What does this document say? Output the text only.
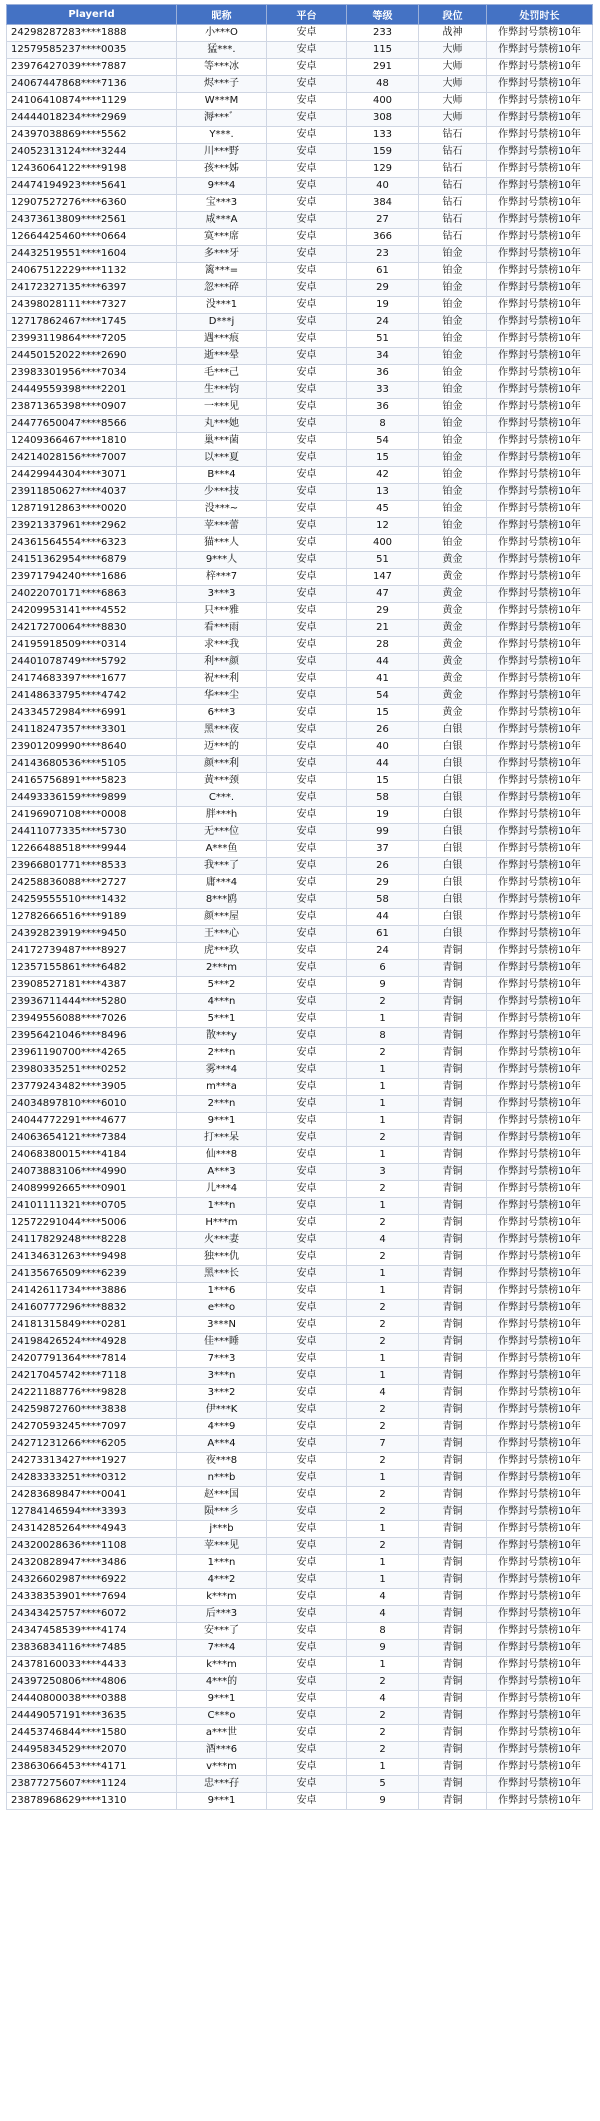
PlayerId	昵称	平台	等级	段位	处罚时长
24298287283****1888	小***O	安卓	233	战神	作弊封号禁榜10年
12579585237****0035	猛***.	安卓	115	大师	作弊封号禁榜10年
23976427039****7887	等***冰	安卓	291	大师	作弊封号禁榜10年
24067447868****7136	烬***子	安卓	48	大师	作弊封号禁榜10年
24106410874****1129	W***M	安卓	400	大师	作弊封号禁榜10年
24444018234****2969	溽***゛	安卓	308	大师	作弊封号禁榜10年
24397038869****5562	Y***.	安卓	133	钻石	作弊封号禁榜10年
24052313124****3244	川***野	安卓	159	钻石	作弊封号禁榜10年
12436064122****9198	孩***姊	安卓	129	钻石	作弊封号禁榜10年
24474194923****5641	9***4	安卓	40	钻石	作弊封号禁榜10年
12907527276****6360	宝***3	安卓	384	钻石	作弊封号禁榜10年
24373613809****2561	咸***A	安卓	27	钻石	作弊封号禁榜10年
12664425460****0664	寞***席	安卓	366	钻石	作弊封号禁榜10年
24432519551****1604	多***牙	安卓	23	铂金	作弊封号禁榜10年
24067512229****1132	篱***=	安卓	61	铂金	作弊封号禁榜10年
24172327135****6397	忽***碎	安卓	29	铂金	作弊封号禁榜10年
24398028111****7327	没***1	安卓	19	铂金	作弊封号禁榜10年
12717862467****1745	D***j	安卓	24	铂金	作弊封号禁榜10年
23993119864****7205	遇***痕	安卓	51	铂金	作弊封号禁榜10年
24450152022****2690	逝***晕	安卓	34	铂金	作弊封号禁榜10年
23983301956****7034	毛***己	安卓	36	铂金	作弊封号禁榜10年
24449559398****2201	生***钧	安卓	33	铂金	作弊封号禁榜10年
23871365398****0907	一***见	安卓	36	铂金	作弊封号禁榜10年
24477650047****8566	丸***她	安卓	8	铂金	作弊封号禁榜10年
12409366467****1810	巢***菌	安卓	54	铂金	作弊封号禁榜10年
24214028156****7007	以***夏	安卓	15	铂金	作弊封号禁榜10年
24429944304****3071	B***4	安卓	42	铂金	作弊封号禁榜10年
23911850627****4037	少***技	安卓	13	铂金	作弊封号禁榜10年
12871912863****0020	没***~	安卓	45	铂金	作弊封号禁榜10年
23921337961****2962	苹***蕾	安卓	12	铂金	作弊封号禁榜10年
24361564554****6323	猫***人	安卓	400	铂金	作弊封号禁榜10年
24151362954****6879	9***人	安卓	51	黄金	作弊封号禁榜10年
23971794240****1686	梓***7	安卓	147	黄金	作弊封号禁榜10年
24022070171****6863	3***3	安卓	47	黄金	作弊封号禁榜10年
24209953141****4552	只***雅	安卓	29	黄金	作弊封号禁榜10年
24217270064****8830	看***雨	安卓	21	黄金	作弊封号禁榜10年
24195918509****0314	求***我	安卓	28	黄金	作弊封号禁榜10年
24401078749****5792	利***颜	安卓	44	黄金	作弊封号禁榜10年
24174683397****1677	祝***利	安卓	41	黄金	作弊封号禁榜10年
24148633795****4742	华***尘	安卓	54	黄金	作弊封号禁榜10年
24334572984****6991	6***3	安卓	15	黄金	作弊封号禁榜10年
24118247357****3301	黑***夜	安卓	26	白银	作弊封号禁榜10年
23901209990****8640	迈***的	安卓	40	白银	作弊封号禁榜10年
24143680536****5105	颜***利	安卓	44	白银	作弊封号禁榜10年
24165756891****5823	黄***颈	安卓	15	白银	作弊封号禁榜10年
24493336159****9899	C***.	安卓	58	白银	作弊封号禁榜10年
24196907108****0008	胖***h	安卓	19	白银	作弊封号禁榜10年
24411077335****5730	无***位	安卓	99	白银	作弊封号禁榜10年
12266488518****9944	A***鱼	安卓	37	白银	作弊封号禁榜10年
23966801771****8533	我***了	安卓	26	白银	作弊封号禁榜10年
24258836088****2727	庸***4	安卓	29	白银	作弊封号禁榜10年
24259555510****1432	8***鸥	安卓	58	白银	作弊封号禁榜10年
12782666516****9189	颜***屋	安卓	44	白银	作弊封号禁榜10年
24392823919****9450	王***心	安卓	61	白银	作弊封号禁榜10年
24172739487****8927	虎***玖	安卓	24	青铜	作弊封号禁榜10年
12357155861****6482	2***m	安卓	6	青铜	作弊封号禁榜10年
23908527181****4387	5***2	安卓	9	青铜	作弊封号禁榜10年
23936711444****5280	4***n	安卓	2	青铜	作弊封号禁榜10年
23949556088****7026	5***1	安卓	1	青铜	作弊封号禁榜10年
23956421046****8496	散***y	安卓	8	青铜	作弊封号禁榜10年
23961190700****4265	2***n	安卓	2	青铜	作弊封号禁榜10年
23980335251****0252	雾***4	安卓	1	青铜	作弊封号禁榜10年
23779243482****3905	m***a	安卓	1	青铜	作弊封号禁榜10年
24034897810****6010	2***n	安卓	1	青铜	作弊封号禁榜10年
24044772291****4677	9***1	安卓	1	青铜	作弊封号禁榜10年
24063654121****7384	打***呆	安卓	2	青铜	作弊封号禁榜10年
24068380015****4184	仙***8	安卓	1	青铜	作弊封号禁榜10年
24073883106****4990	A***3	安卓	3	青铜	作弊封号禁榜10年
24089992665****0901	儿***4	安卓	2	青铜	作弊封号禁榜10年
24101111321****0705	1***n	安卓	1	青铜	作弊封号禁榜10年
12572291044****5006	H***m	安卓	2	青铜	作弊封号禁榜10年
24117829248****8228	火***妻	安卓	4	青铜	作弊封号禁榜10年
24134631263****9498	独***仇	安卓	2	青铜	作弊封号禁榜10年
24135676509****6239	黑***长	安卓	1	青铜	作弊封号禁榜10年
24142611734****3886	1***6	安卓	1	青铜	作弊封号禁榜10年
24160777296****8832	e***o	安卓	2	青铜	作弊封号禁榜10年
24181315849****0281	3***N	安卓	2	青铜	作弊封号禁榜10年
24198426524****4928	佳***睡	安卓	2	青铜	作弊封号禁榜10年
24207791364****7814	7***3	安卓	1	青铜	作弊封号禁榜10年
24217045742****7118	3***n	安卓	1	青铜	作弊封号禁榜10年
24221188776****9828	3***2	安卓	4	青铜	作弊封号禁榜10年
24259872760****3838	伊***K	安卓	2	青铜	作弊封号禁榜10年
24270593245****7097	4***9	安卓	2	青铜	作弊封号禁榜10年
24271231266****6205	A***4	安卓	7	青铜	作弊封号禁榜10年
24273313427****1927	夜***8	安卓	2	青铜	作弊封号禁榜10年
24283333251****0312	n***b	安卓	1	青铜	作弊封号禁榜10年
24283689847****0041	赵***国	安卓	2	青铜	作弊封号禁榜10年
12784146594****3393	陨***彡	安卓	2	青铜	作弊封号禁榜10年
24314285264****4943	j***b	安卓	1	青铜	作弊封号禁榜10年
24320028636****1108	苹***见	安卓	2	青铜	作弊封号禁榜10年
24320828947****3486	1***n	安卓	1	青铜	作弊封号禁榜10年
24326602987****6922	4***2	安卓	1	青铜	作弊封号禁榜10年
24338353901****7694	k***m	安卓	4	青铜	作弊封号禁榜10年
24343425757****6072	后***3	安卓	4	青铜	作弊封号禁榜10年
24347458539****4174	安***了	安卓	8	青铜	作弊封号禁榜10年
23836834116****7485	7***4	安卓	9	青铜	作弊封号禁榜10年
24378160033****4433	k***m	安卓	1	青铜	作弊封号禁榜10年
24397250806****4806	4***的	安卓	2	青铜	作弊封号禁榜10年
24440800038****0388	9***1	安卓	4	青铜	作弊封号禁榜10年
24449057191****3635	C***o	安卓	2	青铜	作弊封号禁榜10年
24453746844****1580	a***世	安卓	2	青铜	作弊封号禁榜10年
24495834529****2070	酒***6	安卓	2	青铜	作弊封号禁榜10年
23863066453****4171	v***m	安卓	1	青铜	作弊封号禁榜10年
23877275607****1124	忠***孖	安卓	5	青铜	作弊封号禁榜10年
23878968629****1310	9***1	安卓	9	青铜	作弊封号禁榜10年
